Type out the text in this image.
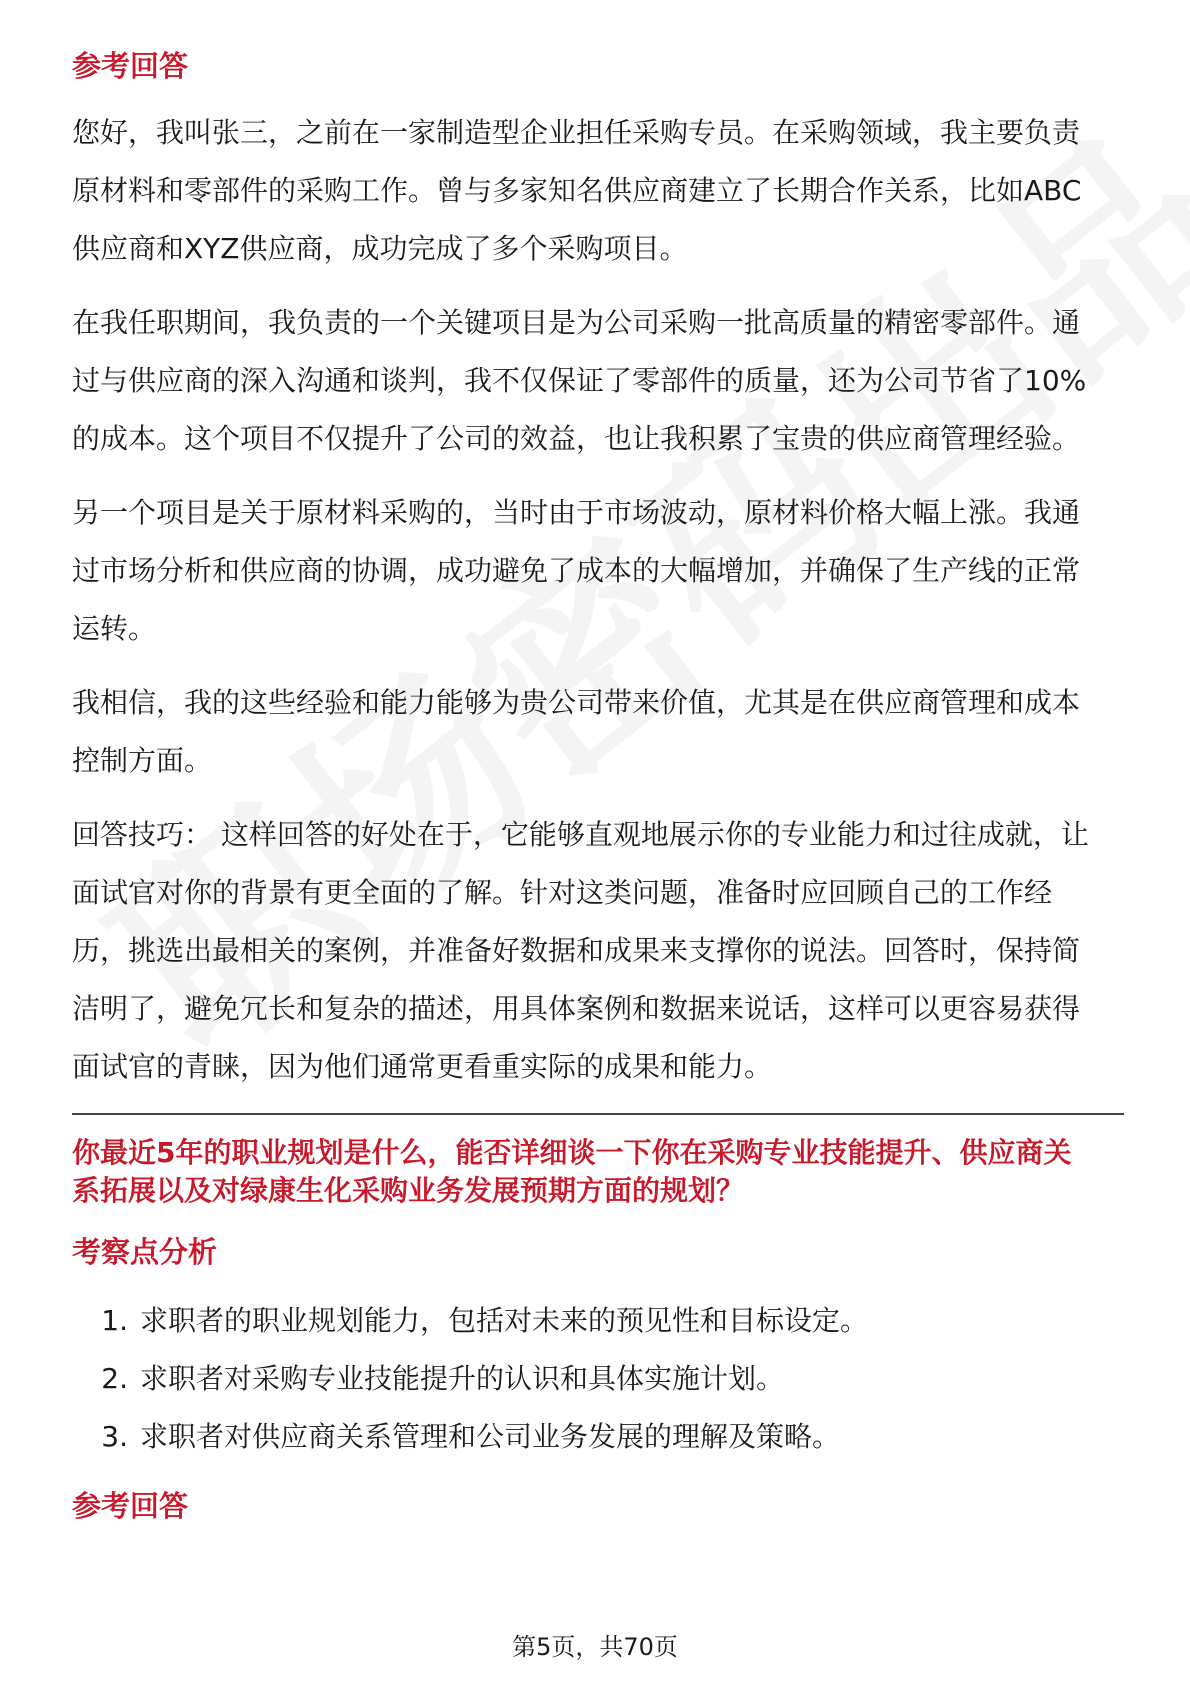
参考回答
您好，我叫张三，之前在一家制造型企业担任采购专员。在采购领域，我主要负责
原材料和零部件的采购工作。曾与多家知名供应商建立了长期合作关系，比如ABC
供应商和XYZ供应商，成功完成了多个采购项目。
在我任职期间，我负责的一个关键项目是为公司采购一批高质量的精密零部件。通
过与供应商的深入沟通和谈判，我不仅保证了零部件的质量，还为公司节省了10%
的成本。这个项目不仅提升了公司的效益，也让我积累了宝贵的供应商管理经验。
另一个项目是关于原材料采购的，当时由于市场波动，原材料价格大幅上涨。我通
过市场分析和供应商的协调，成功避免了成本的大幅增加，并确保了生产线的正常
运转。
我相信，我的这些经验和能力能够为贵公司带来价值，尤其是在供应商管理和成本
控制方面。
回答技巧： 这样回答的好处在于，它能够直观地展示你的专业能力和过往成就，让
面试官对你的背景有更全面的了解。针对这类问题，准备时应回顾自己的工作经
历，挑选出最相关的案例，并准备好数据和成果来支撑你的说法。回答时，保持简
洁明了，避免冗长和复杂的描述，用具体案例和数据来说话，这样可以更容易获得
面试官的青睐，因为他们通常更看重实际的成果和能力。
你最近5年的职业规划是什么，能否详细谈一下你在采购专业技能提升、供应商关
系拓展以及对绿康生化采购业务发展预期方面的规划？
考察点分析
1. 求职者的职业规划能力，包括对未来的预见性和目标设定。
2. 求职者对采购专业技能提升的认识和具体实施计划。
3. 求职者对供应商关系管理和公司业务发展的理解及策略。
参考回答
第5页，共70页
